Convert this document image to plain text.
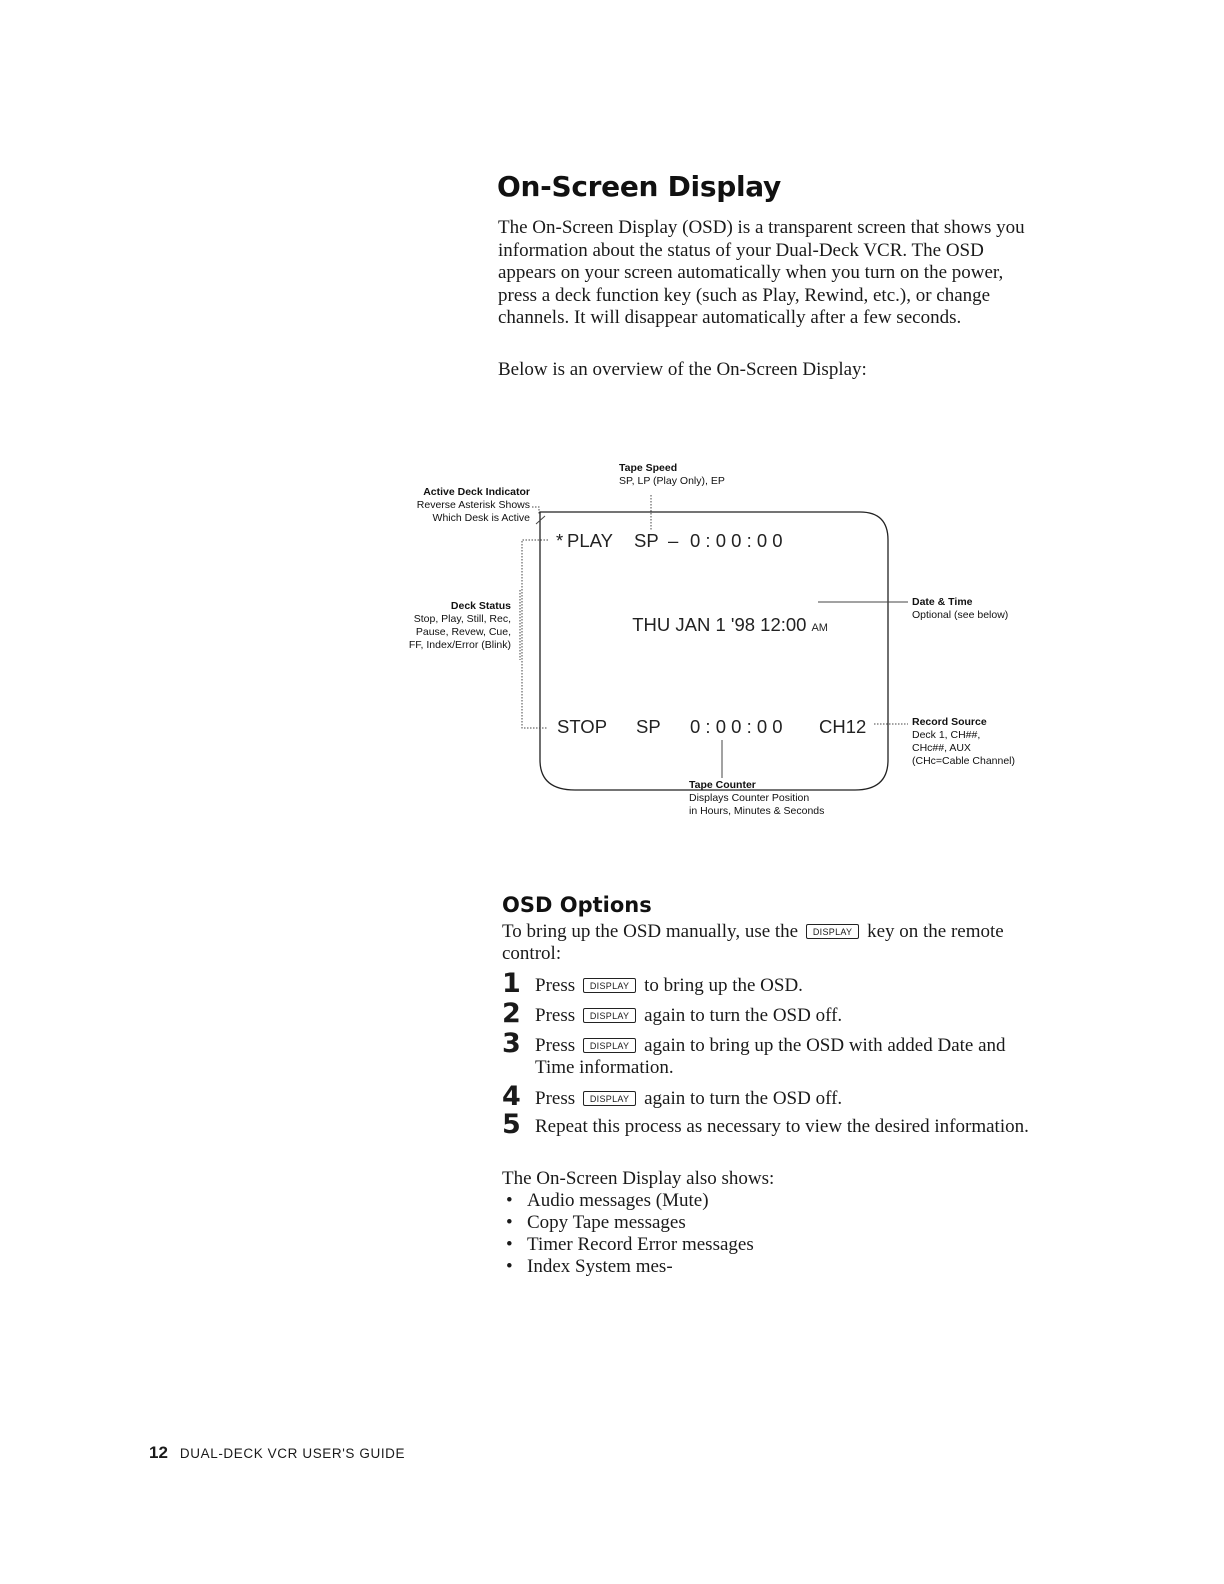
On-Screen Display
The On-Screen Display (OSD) is a transparent screen that shows you information about the status of your Dual-Deck VCR. The OSD appears on your screen automatically when you turn on the power, press a deck function key (such as Play, Rewind, etc.), or change channels. It will disappear automatically after a few seconds.
Below is an overview of the On-Screen Display:
Active Deck Indicator
Reverse Asterisk Shows
Which Desk is Active
Tape Speed
SP, LP (Play Only), EP
Deck Status
Stop, Play, Still, Rec,
Pause, Revew, Cue,
FF, Index/Error (Blink)
Date & Time
Optional (see below)
Record Source
Deck 1, CH##,
CHc##, AUX
(CHc=Cable Channel)
Tape Counter
Displays Counter Position
in Hours, Minutes & Seconds
* PLAY SP – 0 : 0 0 : 0 0

THU JAN 1 '98 12:00 AM

STOP SP 0 : 0 0 : 0 0 CH12
OSD Options
To bring up the OSD manually, use the DISPLAY key on the remote control:
1 Press DISPLAY to bring up the OSD.
2 Press DISPLAY again to turn the OSD off.
3 Press DISPLAY again to bring up the OSD with added Date and Time information.
4 Press DISPLAY again to turn the OSD off.
5 Repeat this process as necessary to view the desired information.
The On-Screen Display also shows:
• Audio messages (Mute)
• Copy Tape messages
• Timer Record Error messages
• Index System mes-
12 DUAL-DECK VCR USER'S GUIDE
